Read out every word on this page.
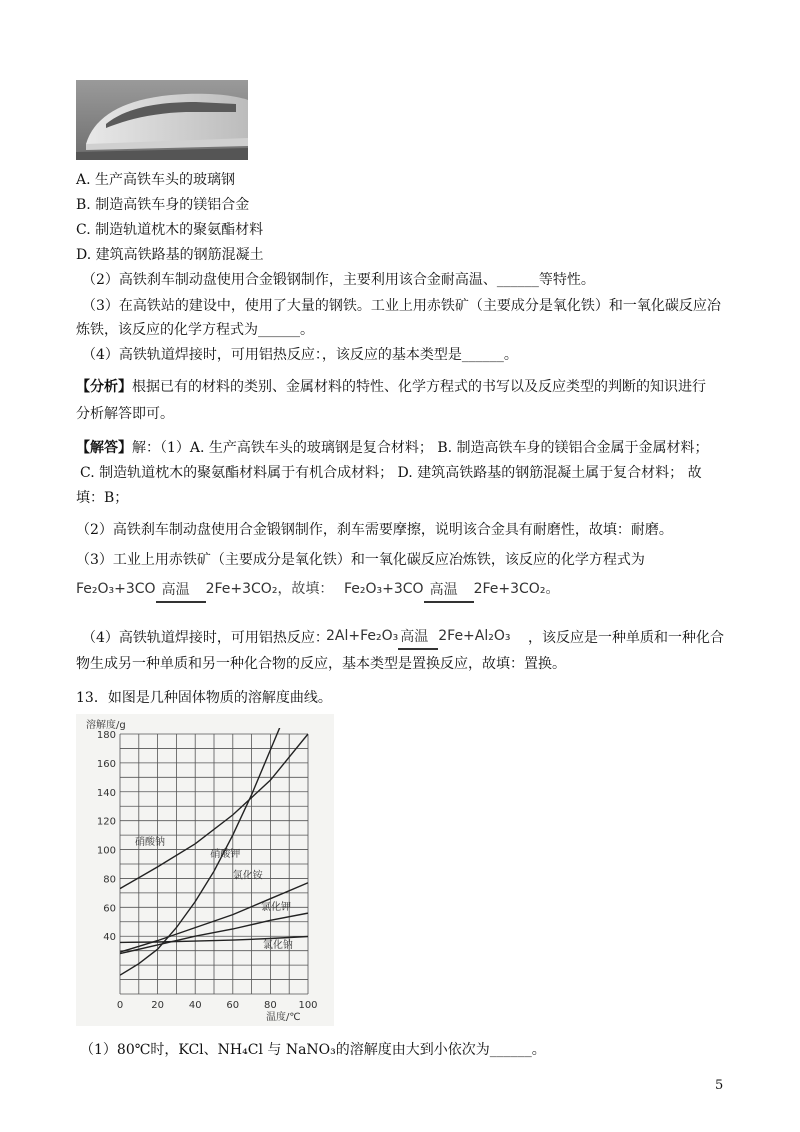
A. 生产高铁车头的玻璃钢
B. 制造高铁车身的镁铝合金
C. 制造轨道枕木的聚氨酯材料
D. 建筑高铁路基的钢筋混凝土
（2）高铁刹车制动盘使用合金锻钢制作，主要利用该合金耐高温、______等特性。
（3）在高铁站的建设中，使用了大量的钢铁。工业上用赤铁矿（主要成分是氧化铁）和一氧化碳反应冶
炼铁，该反应的化学方程式为______。
（4）高铁轨道焊接时，可用铝热反应：，该反应的基本类型是______。
【分析】根据已有的材料的类别、金属材料的特性、化学方程式的书写以及反应类型的判断的知识进行
分析解答即可。
【解答】解：（1）A. 生产高铁车头的玻璃钢是复合材料； B. 制造高铁车身的镁铝合金属于金属材料；
C. 制造轨道枕木的聚氨酯材料属于有机合成材料； D. 建筑高铁路基的钢筋混凝土属于复合材料； 故
填：B；
（2）高铁刹车制动盘使用合金锻钢制作，刹车需要摩擦，说明该合金具有耐磨性，故填：耐磨。
（3）工业上用赤铁矿（主要成分是氧化铁）和一氧化碳反应冶炼铁，该反应的化学方程式为
Fe₂O₃+3CO 高温 2Fe+3CO₂，故填： Fe₂O₃+3CO 高温 2Fe+3CO₂。
（4）高铁轨道焊接时，可用铝热反应：
2Al+Fe₂O₃ 高温 2Fe+Al₂O₃ ，该反应是一种单质和一种化合
物生成另一种单质和另一种化合物的反应，基本类型是置换反应，故填：置换。
13．如图是几种固体物质的溶解度曲线。
硝酸钾
硝酸钠
氯化铵
氯化钾
氯化钠
0	20 40 60 80 100
40
60
80
100
120
140
160
180
溶解度/g
温度/℃
（1）80℃时，KCl、NH₄Cl 与 NaNO₃的溶解度由大到小依次为______。
5
